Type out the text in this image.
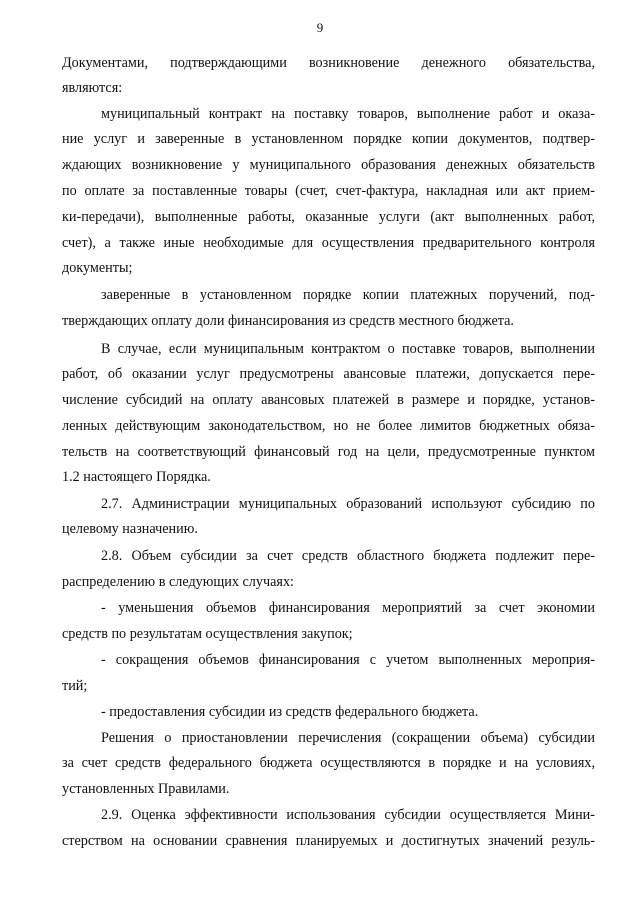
9
Документами, подтверждающими возникновение денежного обязательства,
являются:
муниципальный контракт на поставку товаров, выполнение работ и оказа-
ние услуг и заверенные в установленном порядке копии документов, подтвер-
ждающих возникновение у муниципального образования денежных обязательств
по оплате за поставленные товары (счет, счет-фактура, накладная или акт прием-
ки-передачи), выполненные работы, оказанные услуги (акт выполненных работ,
счет), а также иные необходимые для осуществления предварительного контроля
документы;
заверенные в установленном порядке копии платежных поручений, под-
тверждающих оплату доли финансирования из средств местного бюджета.
В случае, если муниципальным контрактом о поставке товаров, выполнении
работ, об оказании услуг предусмотрены авансовые платежи, допускается пере-
числение субсидий на оплату авансовых платежей в размере и порядке, установ-
ленных действующим законодательством, но не более лимитов бюджетных обяза-
тельств на соответствующий финансовый год на цели, предусмотренные пунктом
1.2 настоящего Порядка.
2.7. Администрации муниципальных образований используют субсидию по
целевому назначению.
2.8. Объем субсидии за счет средств областного бюджета подлежит пере-
распределению в следующих случаях:
- уменьшения объемов финансирования мероприятий за счет экономии
средств по результатам осуществления закупок;
- сокращения объемов финансирования с учетом выполненных мероприя-
тий;
- предоставления субсидии из средств федерального бюджета.
Решения о приостановлении перечисления (сокращении объема) субсидии
за счет средств федерального бюджета осуществляются в порядке и на условиях,
установленных Правилами.
2.9. Оценка эффективности использования субсидии осуществляется Мини-
стерством на основании сравнения планируемых и достигнутых значений резуль-
